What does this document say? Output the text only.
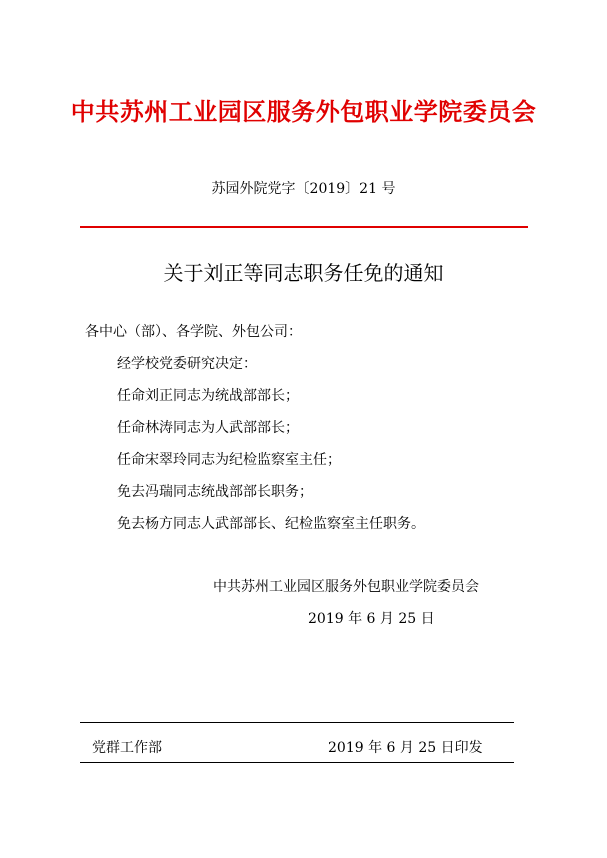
中共苏州工业园区服务外包职业学院委员会
苏园外院党字〔2019〕21 号
关于刘正等同志职务任免的通知
各中心（部）、各学院、外包公司：
经学校党委研究决定：
任命刘正同志为统战部部长；
任命林涛同志为人武部部长；
任命宋翠玲同志为纪检监察室主任；
免去冯瑞同志统战部部长职务；
免去杨方同志人武部部长、纪检监察室主任职务。
中共苏州工业园区服务外包职业学院委员会
2019 年 6 月 25 日
党群工作部	2019 年 6 月 25 日印发
